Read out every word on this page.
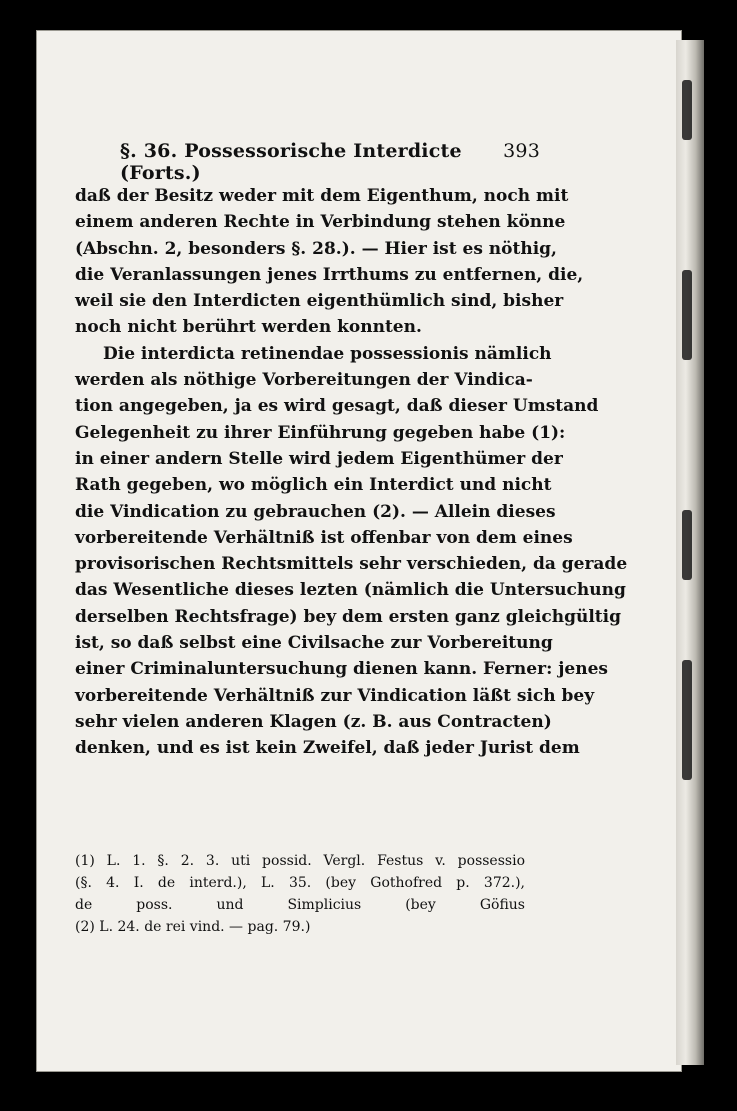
§. 36. Possessorische Interdicte (Forts.)
393
daß der Besitz weder mit dem Eigenthum, noch mit
einem anderen Rechte in Verbindung stehen könne
(Abschn. 2, besonders §. 28.). — Hier ist es nöthig,
die Veranlassungen jenes Irrthums zu entfernen, die,
weil sie den Interdicten eigenthümlich sind, bisher
noch nicht berührt werden konnten.
Die interdicta retinendae possessionis nämlich
werden als nöthige Vorbereitungen der Vindica-
tion angegeben, ja es wird gesagt, daß dieser Umstand
Gelegenheit zu ihrer Einführung gegeben habe (1):
in einer andern Stelle wird jedem Eigenthümer der
Rath gegeben, wo möglich ein Interdict und nicht
die Vindication zu gebrauchen (2). — Allein dieses
vorbereitende Verhältniß ist offenbar von dem eines
provisorischen Rechtsmittels sehr verschieden, da gerade
das Wesentliche dieses lezten (nämlich die Untersuchung
derselben Rechtsfrage) bey dem ersten ganz gleichgültig
ist, so daß selbst eine Civilsache zur Vorbereitung
einer Criminaluntersuchung dienen kann. Ferner: jenes
vorbereitende Verhältniß zur Vindication läßt sich bey
sehr vielen anderen Klagen (z. B. aus Contracten)
denken, und es ist kein Zweifel, daß jeder Jurist dem
(1) L. 1. §. 2. 3. uti possid. Vergl. Festus v. possessio
(§. 4. I. de interd.), L. 35. (bey Gothofred p. 372.),
de poss. und Simplicius (bey Göfius
(2) L. 24. de rei vind. — pag. 79.)
